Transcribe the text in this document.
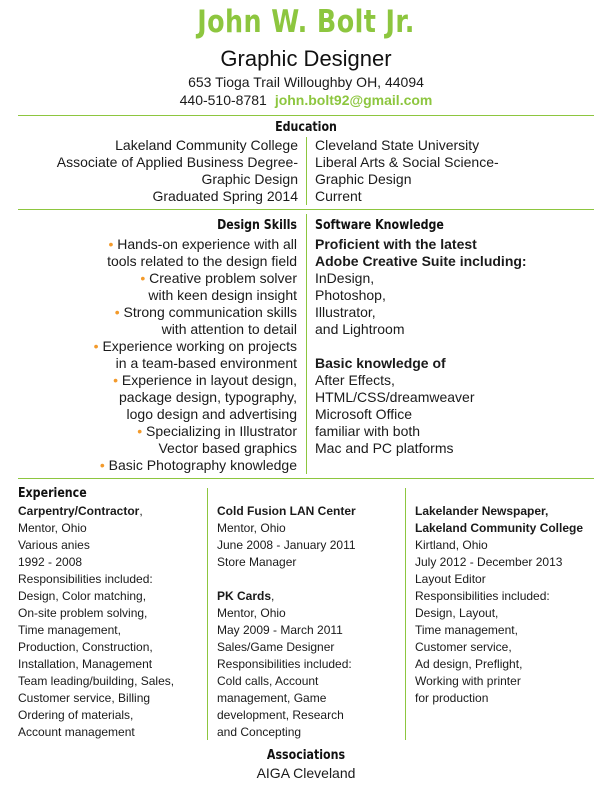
John W. Bolt Jr.
Graphic Designer
653 Tioga Trail Willoughby OH, 44094
440-510-8781 john.bolt92@gmail.com
Education
Lakeland Community College
Associate of Applied Business Degree-
Graphic Design
Graduated Spring 2014
Cleveland State University
Liberal Arts & Social Science-
Graphic Design
Current
Design Skills
• Hands-on experience with all
tools related to the design field
• Creative problem solver
with keen design insight
• Strong communication skills
with attention to detail
• Experience working on projects
in a team-based environment
• Experience in layout design,
package design, typography,
logo design and advertising
• Specializing in Illustrator
Vector based graphics
• Basic Photography knowledge
Software Knowledge
Proficient with the latest
Adobe Creative Suite including:
InDesign,
Photoshop,
Illustrator,
and Lightroom

Basic knowledge of
After Effects,
HTML/CSS/dreamweaver
Microsoft Office
familiar with both
Mac and PC platforms
Experience
Carpentry/Contractor,
Mentor, Ohio
Various anies
1992 - 2008
Responsibilities included:
Design, Color matching,
On-site problem solving,
Time management,
Production, Construction,
Installation, Management
Team leading/building, Sales,
Customer service, Billing
Ordering of materials,
Account management
Cold Fusion LAN Center
Mentor, Ohio
June 2008 - January 2011
Store Manager

PK Cards,
Mentor, Ohio
May 2009 - March 2011
Sales/Game Designer
Responsibilities included:
Cold calls, Account
management, Game
development, Research
and Concepting
Lakelander Newspaper,
Lakeland Community College
Kirtland, Ohio
July 2012 - December 2013
Layout Editor
Responsibilities included:
Design, Layout,
Time management,
Customer service,
Ad design, Preflight,
Working with printer
for production
Associations
AIGA Cleveland
